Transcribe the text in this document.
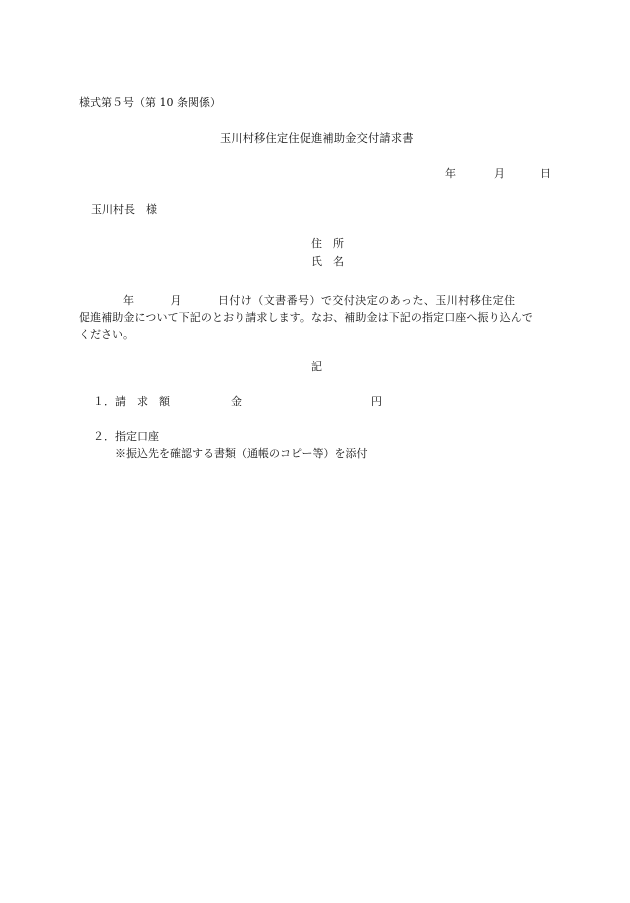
様式第５号（第 10 条関係）
玉川村移住定住促進補助金交付請求書
年	月	日
玉川村長　様
住　所
氏　名
年	月	日付け（文書番号）で交付決定のあった、玉川村移住定住
促進補助金について下記のとおり請求します。なお、補助金は下記の指定口座へ振り込んで
ください。
記
１． 請　求　額	金	円
２．指定口座
※振込先を確認する書類（通帳のコピー等）を添付
